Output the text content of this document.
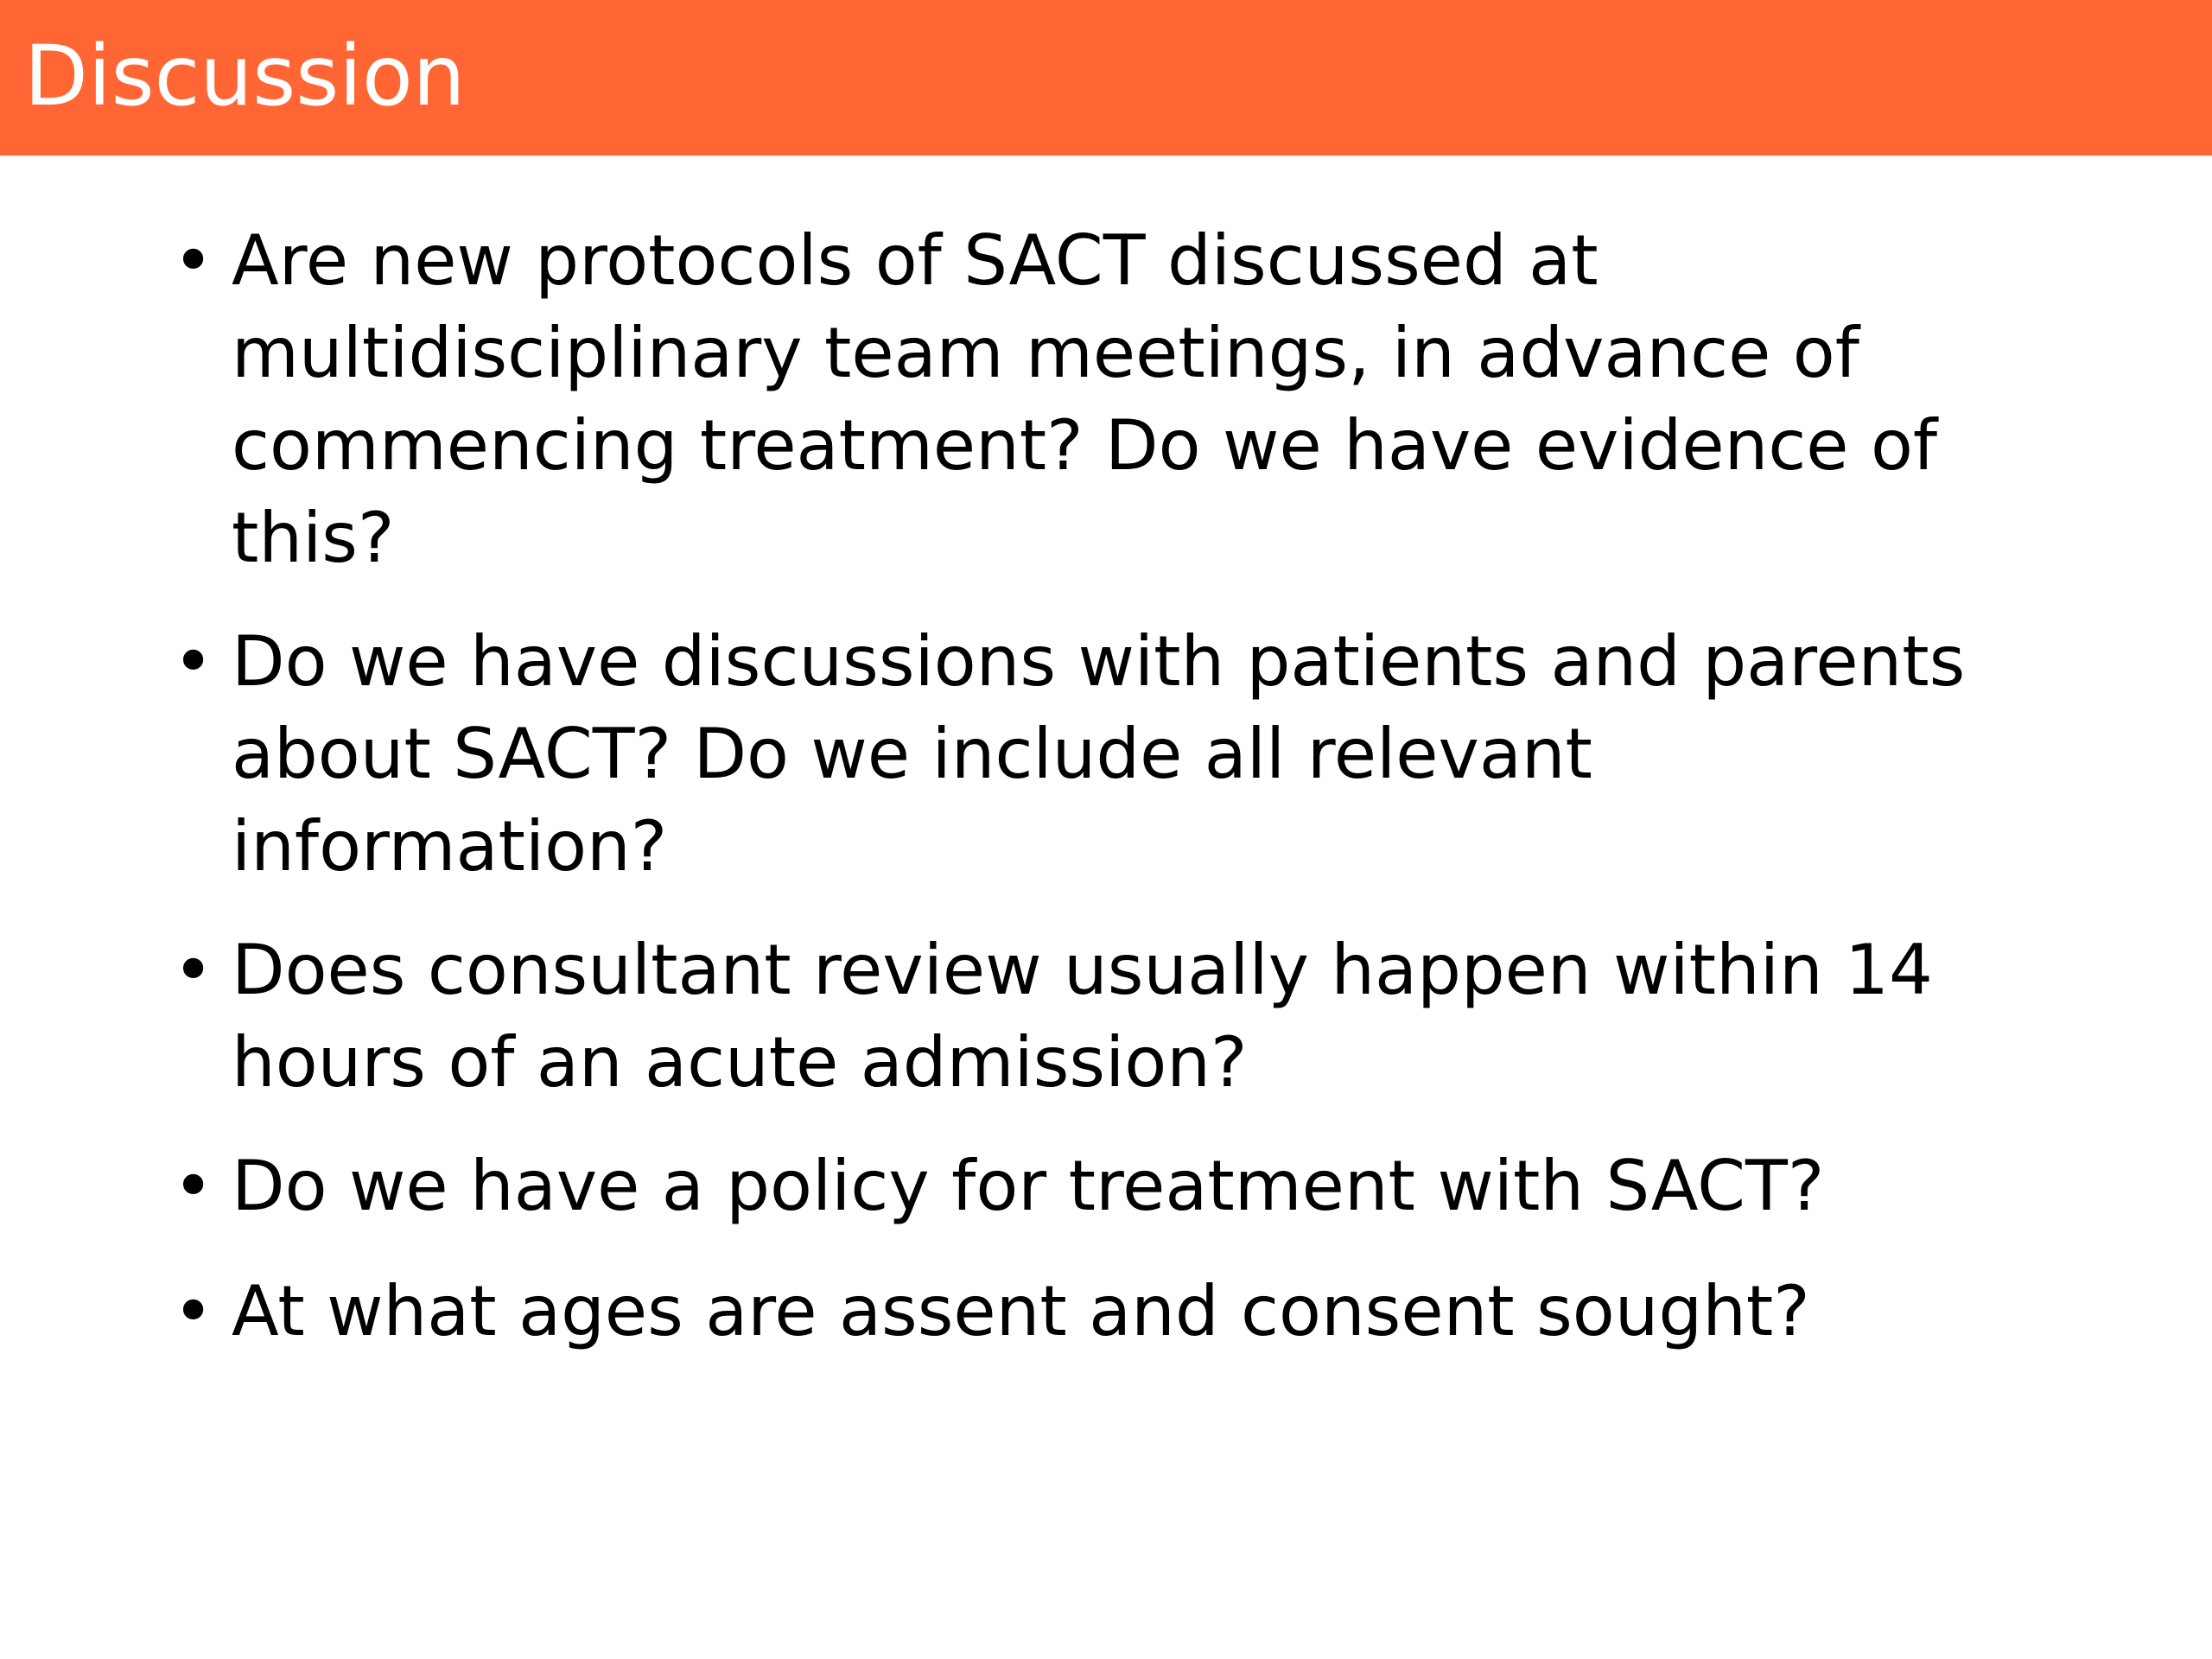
Discussion
• Are new protocols of SACT discussed at multidisciplinary team meetings, in advance of commencing treatment? Do we have evidence of this?
• Do we have discussions with patients and parents about SACT? Do we include all relevant information?
• Does consultant review usually happen within 14 hours of an acute admission?
• Do we have a policy for treatment with SACT?
• At what ages are assent and consent sought?
